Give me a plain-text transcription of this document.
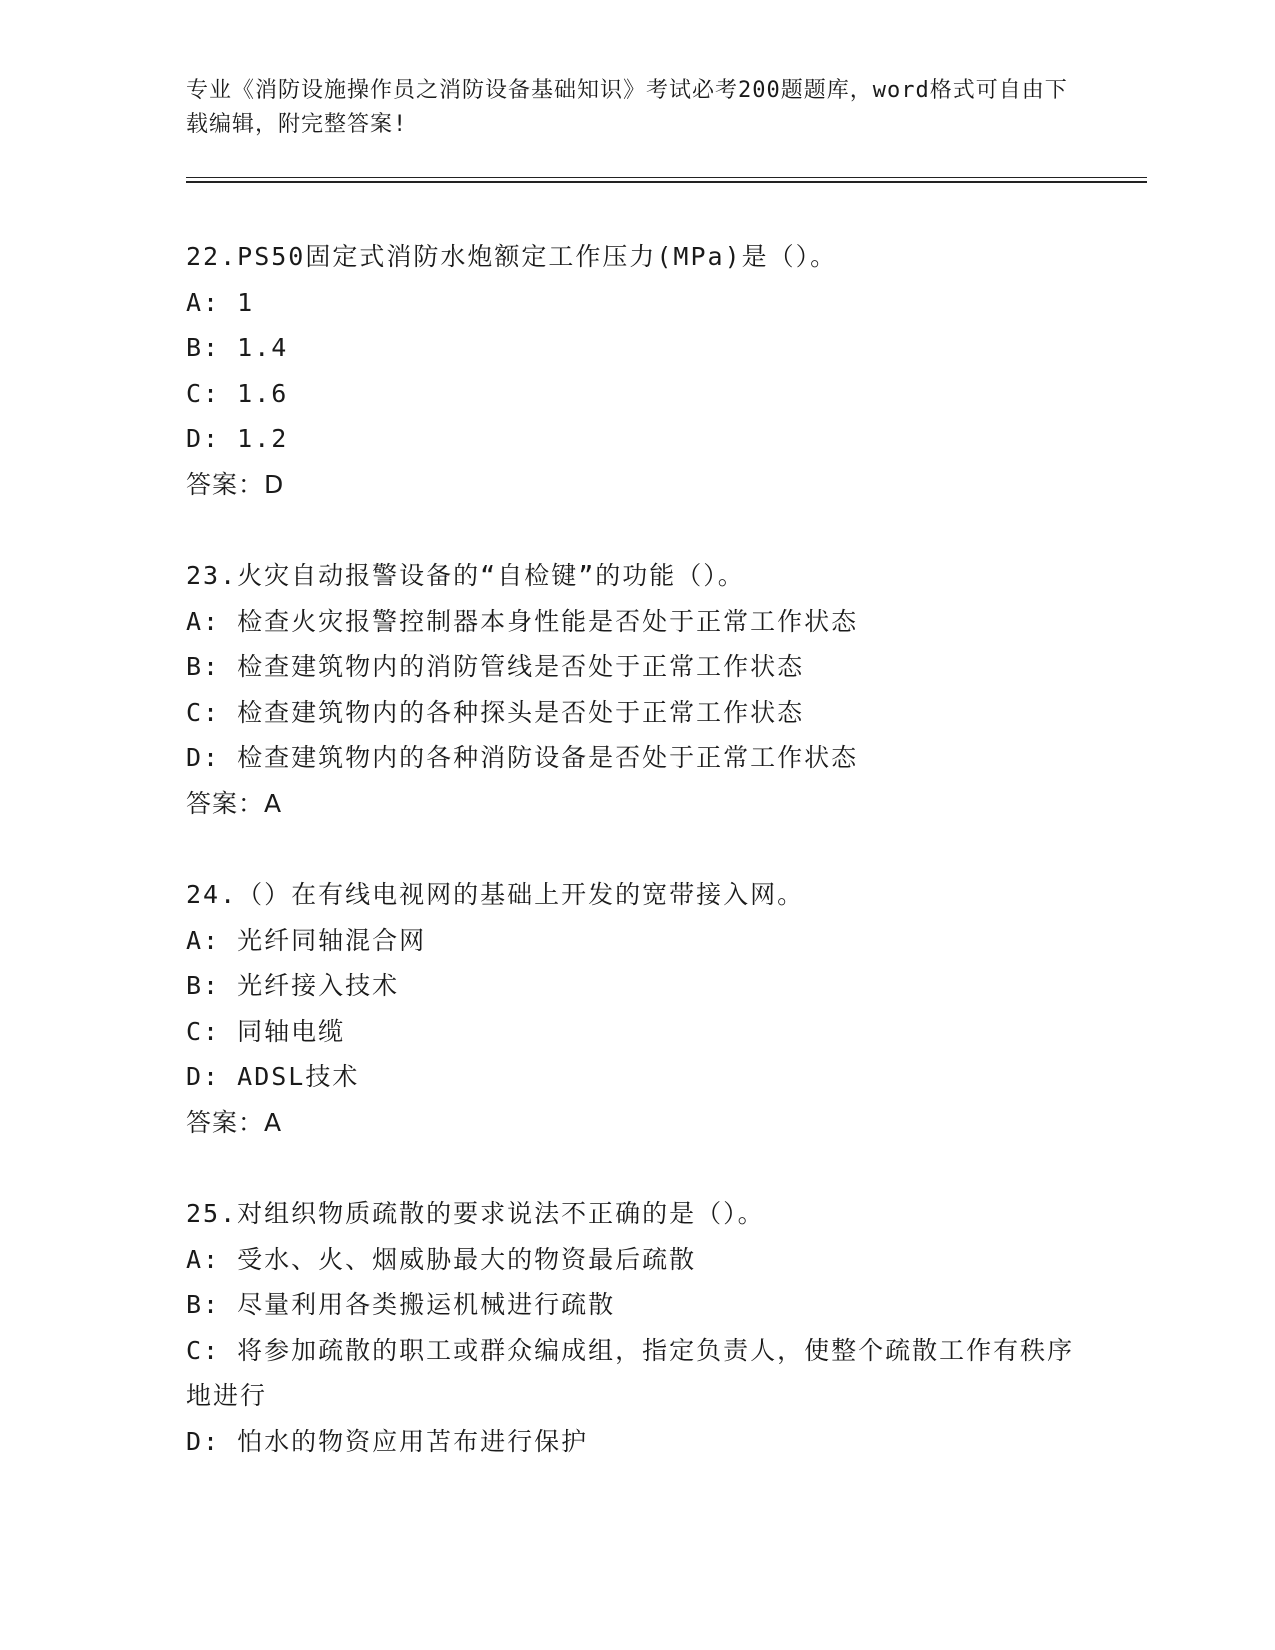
专业《消防设施操作员之消防设备基础知识》考试必考200题题库，word格式可自由下载编辑，附完整答案!
22.PS50固定式消防水炮额定工作压力(MPa)是（）。
A: 1
B: 1.4
C: 1.6
D: 1.2
答案：D
23.火灾自动报警设备的“自检键”的功能（）。
A: 检查火灾报警控制器本身性能是否处于正常工作状态
B: 检查建筑物内的消防管线是否处于正常工作状态
C: 检查建筑物内的各种探头是否处于正常工作状态
D: 检查建筑物内的各种消防设备是否处于正常工作状态
答案：A
24.（）在有线电视网的基础上开发的宽带接入网。
A: 光纤同轴混合网
B: 光纤接入技术
C: 同轴电缆
D: ADSL技术
答案：A
25.对组织物质疏散的要求说法不正确的是（）。
A: 受水、火、烟威胁最大的物资最后疏散
B: 尽量利用各类搬运机械进行疏散
C: 将参加疏散的职工或群众编成组，指定负责人，使整个疏散工作有秩序地进行
D: 怕水的物资应用苫布进行保护
